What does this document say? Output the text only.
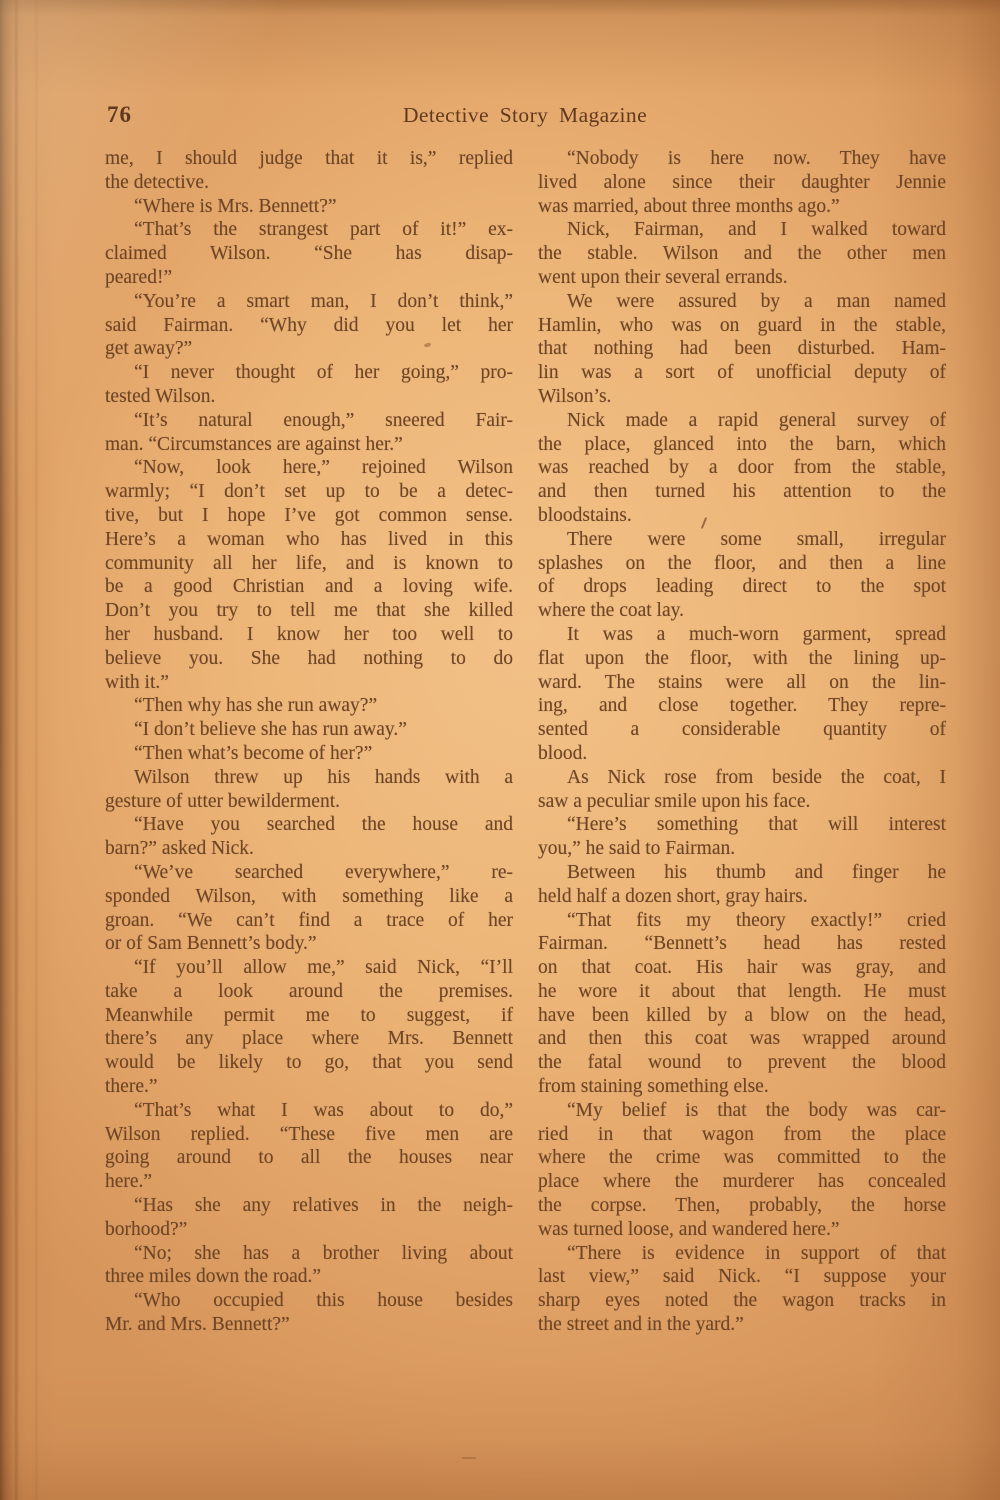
76	Detective Story Magazine
me, I should judge that it is,” replied
the detective.
“Where is Mrs. Bennett?”
“That’s the strangest part of it!” ex-
claimed Wilson. “She has disap-
peared!”
“You’re a smart man, I don’t think,”
said Fairman. “Why did you let her
get away?”
“I never thought of her going,” pro-
tested Wilson.
“It’s natural enough,” sneered Fair-
man. “Circumstances are against her.”
“Now, look here,” rejoined Wilson
warmly; “I don’t set up to be a detec-
tive, but I hope I’ve got common sense.
Here’s a woman who has lived in this
community all her life, and is known to
be a good Christian and a loving wife.
Don’t you try to tell me that she killed
her husband. I know her too well to
believe you. She had nothing to do
with it.”
“Then why has she run away?”
“I don’t believe she has run away.”
“Then what’s become of her?”
Wilson threw up his hands with a
gesture of utter bewilderment.
“Have you searched the house and
barn?” asked Nick.
“We’ve searched everywhere,” re-
sponded Wilson, with something like a
groan. “We can’t find a trace of her
or of Sam Bennett’s body.”
“If you’ll allow me,” said Nick, “I’ll
take a look around the premises.
Meanwhile permit me to suggest, if
there’s any place where Mrs. Bennett
would be likely to go, that you send
there.”
“That’s what I was about to do,”
Wilson replied. “These five men are
going around to all the houses near
here.”
“Has she any relatives in the neigh-
borhood?”
“No; she has a brother living about
three miles down the road.”
“Who occupied this house besides
Mr. and Mrs. Bennett?”
“Nobody is here now. They have
lived alone since their daughter Jennie
was married, about three months ago.”
Nick, Fairman, and I walked toward
the stable. Wilson and the other men
went upon their several errands.
We were assured by a man named
Hamlin, who was on guard in the stable,
that nothing had been disturbed. Ham-
lin was a sort of unofficial deputy of
Wilson’s.
Nick made a rapid general survey of
the place, glanced into the barn, which
was reached by a door from the stable,
and then turned his attention to the
bloodstains.
There were some small, irregular
splashes on the floor, and then a line
of drops leading direct to the spot
where the coat lay.
It was a much-worn garment, spread
flat upon the floor, with the lining up-
ward. The stains were all on the lin-
ing, and close together. They repre-
sented a considerable quantity of
blood.
As Nick rose from beside the coat, I
saw a peculiar smile upon his face.
“Here’s something that will interest
you,” he said to Fairman.
Between his thumb and finger he
held half a dozen short, gray hairs.
“That fits my theory exactly!” cried
Fairman. “Bennett’s head has rested
on that coat. His hair was gray, and
he wore it about that length. He must
have been killed by a blow on the head,
and then this coat was wrapped around
the fatal wound to prevent the blood
from staining something else.
“My belief is that the body was car-
ried in that wagon from the place
where the crime was committed to the
place where the murderer has concealed
the corpse. Then, probably, the horse
was turned loose, and wandered here.”
“There is evidence in support of that
last view,” said Nick. “I suppose your
sharp eyes noted the wagon tracks in
the street and in the yard.”
